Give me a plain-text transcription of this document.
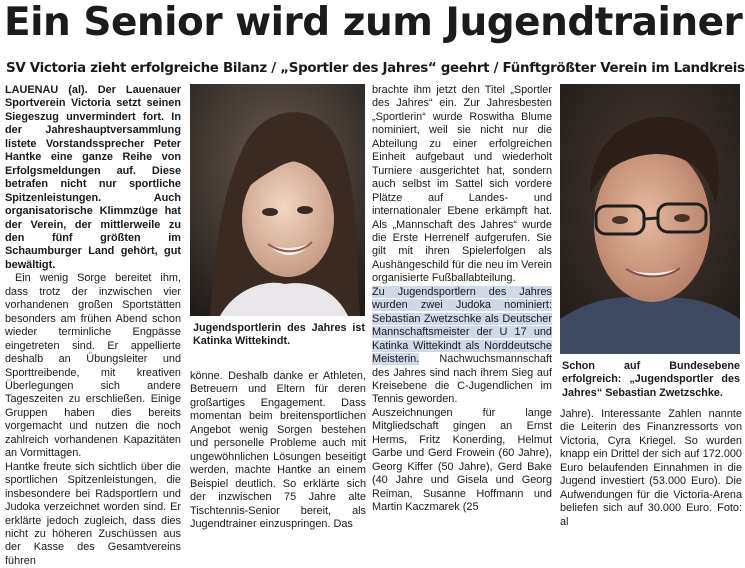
Ein Senior wird zum Jugendtrainer
SV Victoria zieht erfolgreiche Bilanz / „Sportler des Jahres“ geehrt / Fünftgrößter Verein im Landkreis

LAUENAU (al). Der Lauenauer Sportverein Victoria setzt seinen Siegeszug unvermindert fort. In der Jahreshauptversammlung listete Vorstandssprecher Peter Hantke eine ganze Reihe von Erfolgsmeldungen auf. Diese betrafen nicht nur sportliche Spitzenleistungen. Auch organisatorische Klimmzüge hat der Verein, der mittlerweile zu den fünf größten im Schaumburger Land gehört, gut bewältigt.

Ein wenig Sorge bereitet ihm, dass trotz der inzwischen vier vorhandenen großen Sportstätten besonders am frühen Abend schon wieder terminliche Engpässe eingetreten sind. Er appellierte deshalb an Übungsleiter und Sporttreibende, mit kreativen Überlegungen sich andere Tageszeiten zu erschließen. Einige Gruppen haben dies bereits vorgemacht und nutzen die noch zahlreich vorhandenen Kapazitäten an Vormittagen.

Hantke freute sich sichtlich über die sportlichen Spitzenleistungen, die insbesondere bei Radsportlern und Judoka verzeichnet worden sind. Er erklärte jedoch zugleich, dass dies nicht zu höheren Zuschüssen aus der Kasse des Gesamtvereins führen

Jugendsportlerin des Jahres ist Katinka Wittekindt.

könne. Deshalb danke er Athleten, Betreuern und Eltern für deren großartiges Engagement. Dass momentan beim breitensportlichen Angebot wenig Sorgen bestehen und personelle Probleme auch mit ungewöhnlichen Lösungen beseitigt werden, machte Hantke an einem Beispiel deutlich. So erklärte sich der inzwischen 75 Jahre alte Tischtennis-Senior bereit, als Jugendtrainer einzuspringen. Das

brachte ihm jetzt den Titel „Sportler des Jahres“ ein. Zur Jahresbesten „Sportlerin“ wurde Roswitha Blume nominiert, weil sie nicht nur die Abteilung zu einer erfolgreichen Einheit aufgebaut und wiederholt Turniere ausgerichtet hat, sondern auch selbst im Sattel sich vordere Plätze auf Landes- und internationaler Ebene erkämpft hat. Als „Mannschaft des Jahres“ wurde die Erste Herrenelf aufgerufen. Sie gilt mit ihren Spielerfolgen als Aushängeschild für die neu im Verein organisierte Fußballabteilung.

Zu Jugendsportlern des Jahres wurden zwei Judoka nominiert: Sebastian Zwetzschke als Deutscher Mannschaftsmeister der U 17 und Katinka Wittekindt als Norddeutsche Meisterin. Nachwuchsmannschaft des Jahres sind nach ihrem Sieg auf Kreisebene die C-Jugendlichen im Tennis geworden.

Auszeichnungen für lange Mitgliedschaft gingen an Ernst Herms, Fritz Konerding, Helmut Garbe und Gerd Frowein (60 Jahre), Georg Kiffer (50 Jahre), Gerd Bake (40 Jahre und Gisela und Georg Reiman, Susanne Hoffmann und Martin Kaczmarek (25

Schon auf Bundesebene erfolgreich: „Jugendsportler des Jahres“ Sebastian Zwetzschke.

Jahre). Interessante Zahlen nannte die Leiterin des Finanzressorts von Victoria, Cyra Kriegel. So wurden knapp ein Drittel der sich auf 172.000 Euro belaufenden Einnahmen in die Jugend investiert (53.000 Euro). Die Aufwendungen für die Victoria-Arena beliefen sich auf 30.000 Euro. Foto: al
